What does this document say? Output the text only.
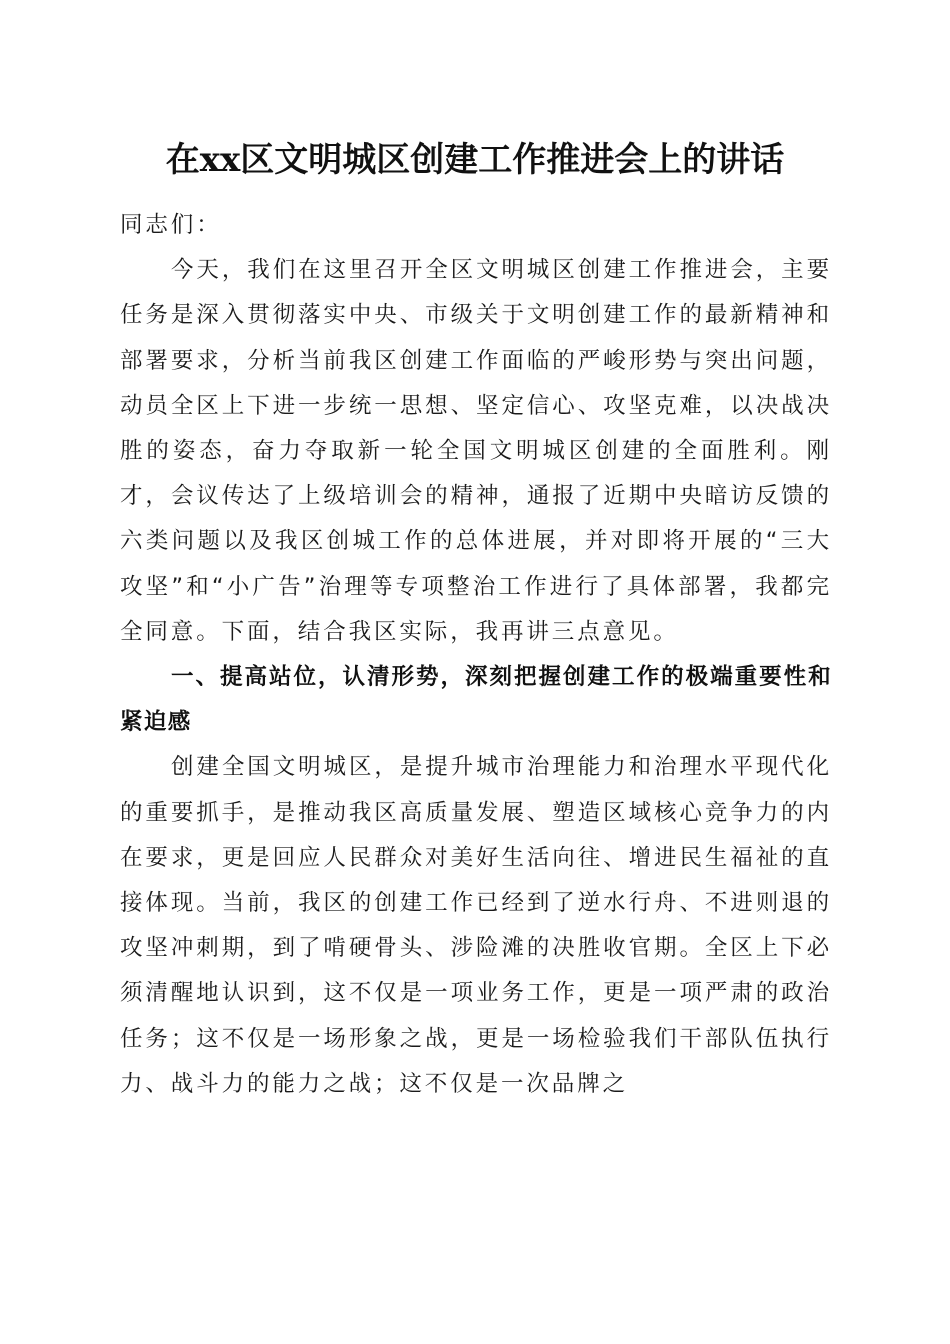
在xx区文明城区创建工作推进会上的讲话

同志们：

今天，我们在这里召开全区文明城区创建工作推进会，主要任务是深入贯彻落实中央、市级关于文明创建工作的最新精神和部署要求，分析当前我区创建工作面临的严峻形势与突出问题，动员全区上下进一步统一思想、坚定信心、攻坚克难，以决战决胜的姿态，奋力夺取新一轮全国文明城区创建的全面胜利。刚才，会议传达了上级培训会的精神，通报了近期中央暗访反馈的六类问题以及我区创城工作的总体进展，并对即将开展的“三大攻坚”和“小广告”治理等专项整治工作进行了具体部署，我都完全同意。下面，结合我区实际，我再讲三点意见。

一、提高站位，认清形势，深刻把握创建工作的极端重要性和紧迫感

创建全国文明城区，是提升城市治理能力和治理水平现代化的重要抓手，是推动我区高质量发展、塑造区域核心竞争力的内在要求，更是回应人民群众对美好生活向往、增进民生福祉的直接体现。当前，我区的创建工作已经到了逆水行舟、不进则退的攻坚冲刺期，到了啃硬骨头、涉险滩的决胜收官期。全区上下必须清醒地认识到，这不仅是一项业务工作，更是一项严肃的政治任务；这不仅是一场形象之战，更是一场检验我们干部队伍执行力、战斗力的能力之战；这不仅是一次品牌之
